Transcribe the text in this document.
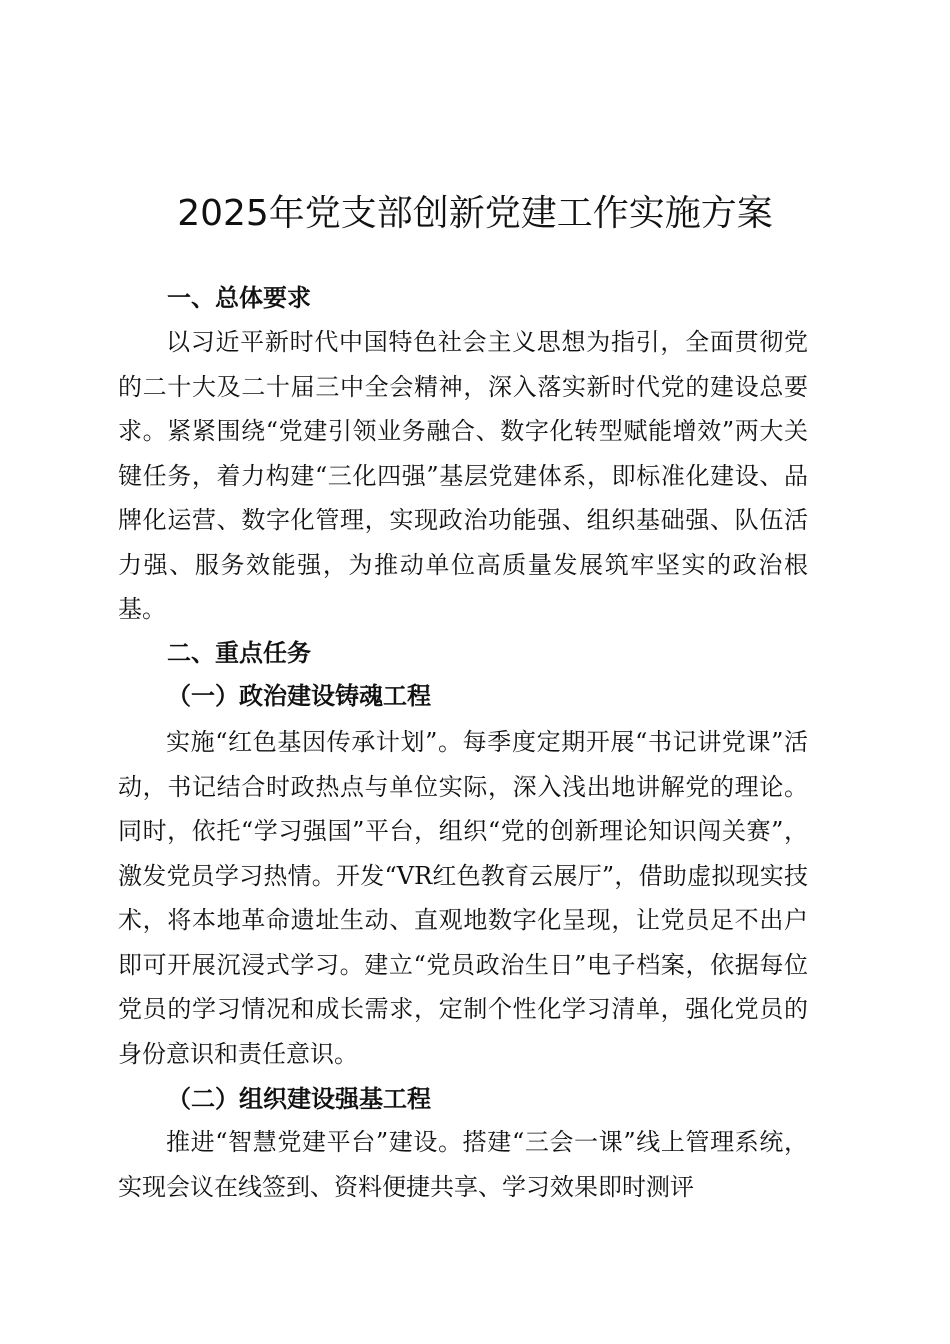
2025年党支部创新党建工作实施方案
一、总体要求

以习近平新时代中国特色社会主义思想为指引，全面贯彻党的二十大及二十届三中全会精神，深入落实新时代党的建设总要求。紧紧围绕“党建引领业务融合、数字化转型赋能增效”两大关键任务，着力构建“三化四强”基层党建体系，即标准化建设、品牌化运营、数字化管理，实现政治功能强、组织基础强、队伍活力强、服务效能强，为推动单位高质量发展筑牢坚实的政治根基。

二、重点任务
（一）政治建设铸魂工程

实施“红色基因传承计划”。每季度定期开展“书记讲党课”活动，书记结合时政热点与单位实际，深入浅出地讲解党的理论。同时，依托“学习强国”平台，组织“党的创新理论知识闯关赛”，激发党员学习热情。开发“VR红色教育云展厅”，借助虚拟现实技术，将本地革命遗址生动、直观地数字化呈现，让党员足不出户即可开展沉浸式学习。建立“党员政治生日”电子档案，依据每位党员的学习情况和成长需求，定制个性化学习清单，强化党员的身份意识和责任意识。

（二）组织建设强基工程

推进“智慧党建平台”建设。搭建“三会一课”线上管理系统，实现会议在线签到、资料便捷共享、学习效果即时测评
